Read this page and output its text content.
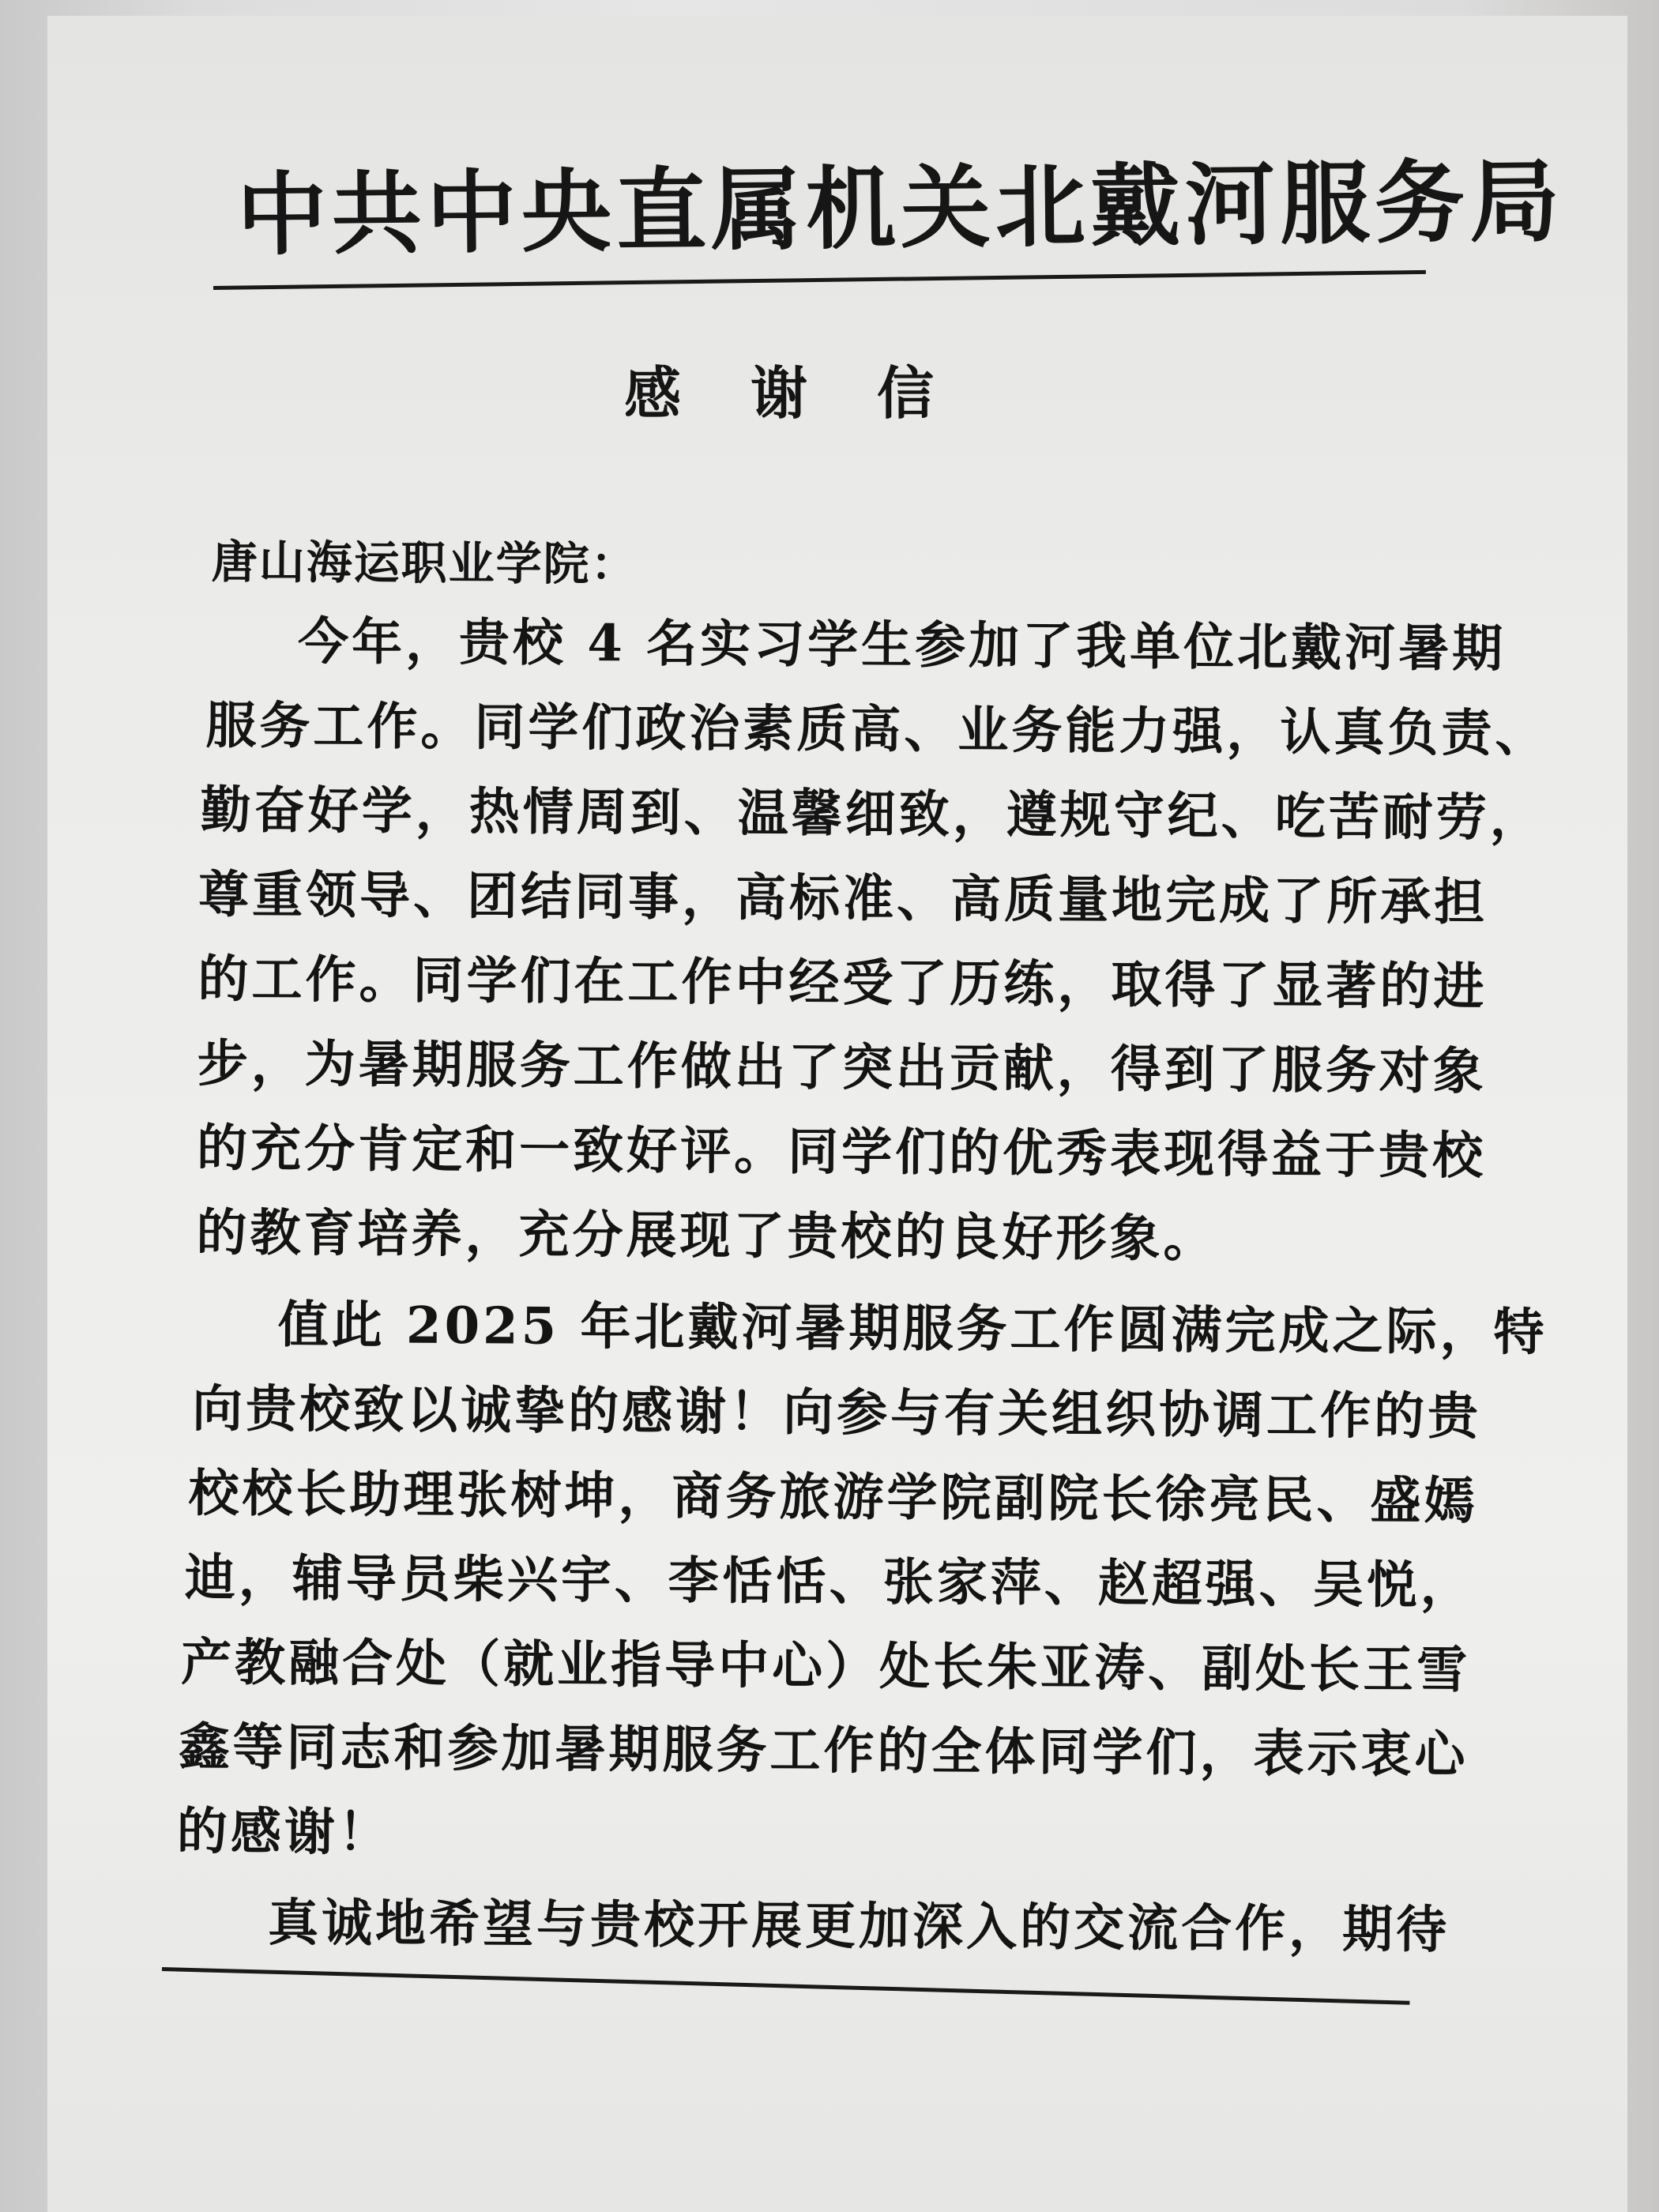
中共中央直属机关北戴河服务局
感谢信
唐山海运职业学院：
今年，贵校 4 名实习学生参加了我单位北戴河暑期
服务工作。同学们政治素质高、业务能力强，认真负责、
勤奋好学，热情周到、温馨细致，遵规守纪、吃苦耐劳，
尊重领导、团结同事，高标准、高质量地完成了所承担
的工作。同学们在工作中经受了历练，取得了显著的进
步，为暑期服务工作做出了突出贡献，得到了服务对象
的充分肯定和一致好评。同学们的优秀表现得益于贵校
的教育培养，充分展现了贵校的良好形象。
值此 2025 年北戴河暑期服务工作圆满完成之际，特
向贵校致以诚挚的感谢！向参与有关组织协调工作的贵
校校长助理张树坤，商务旅游学院副院长徐亮民、盛嫣
迪，辅导员柴兴宇、李恬恬、张家萍、赵超强、吴悦，
产教融合处（就业指导中心）处长朱亚涛、副处长王雪
鑫等同志和参加暑期服务工作的全体同学们，表示衷心
的感谢！
真诚地希望与贵校开展更加深入的交流合作，期待
